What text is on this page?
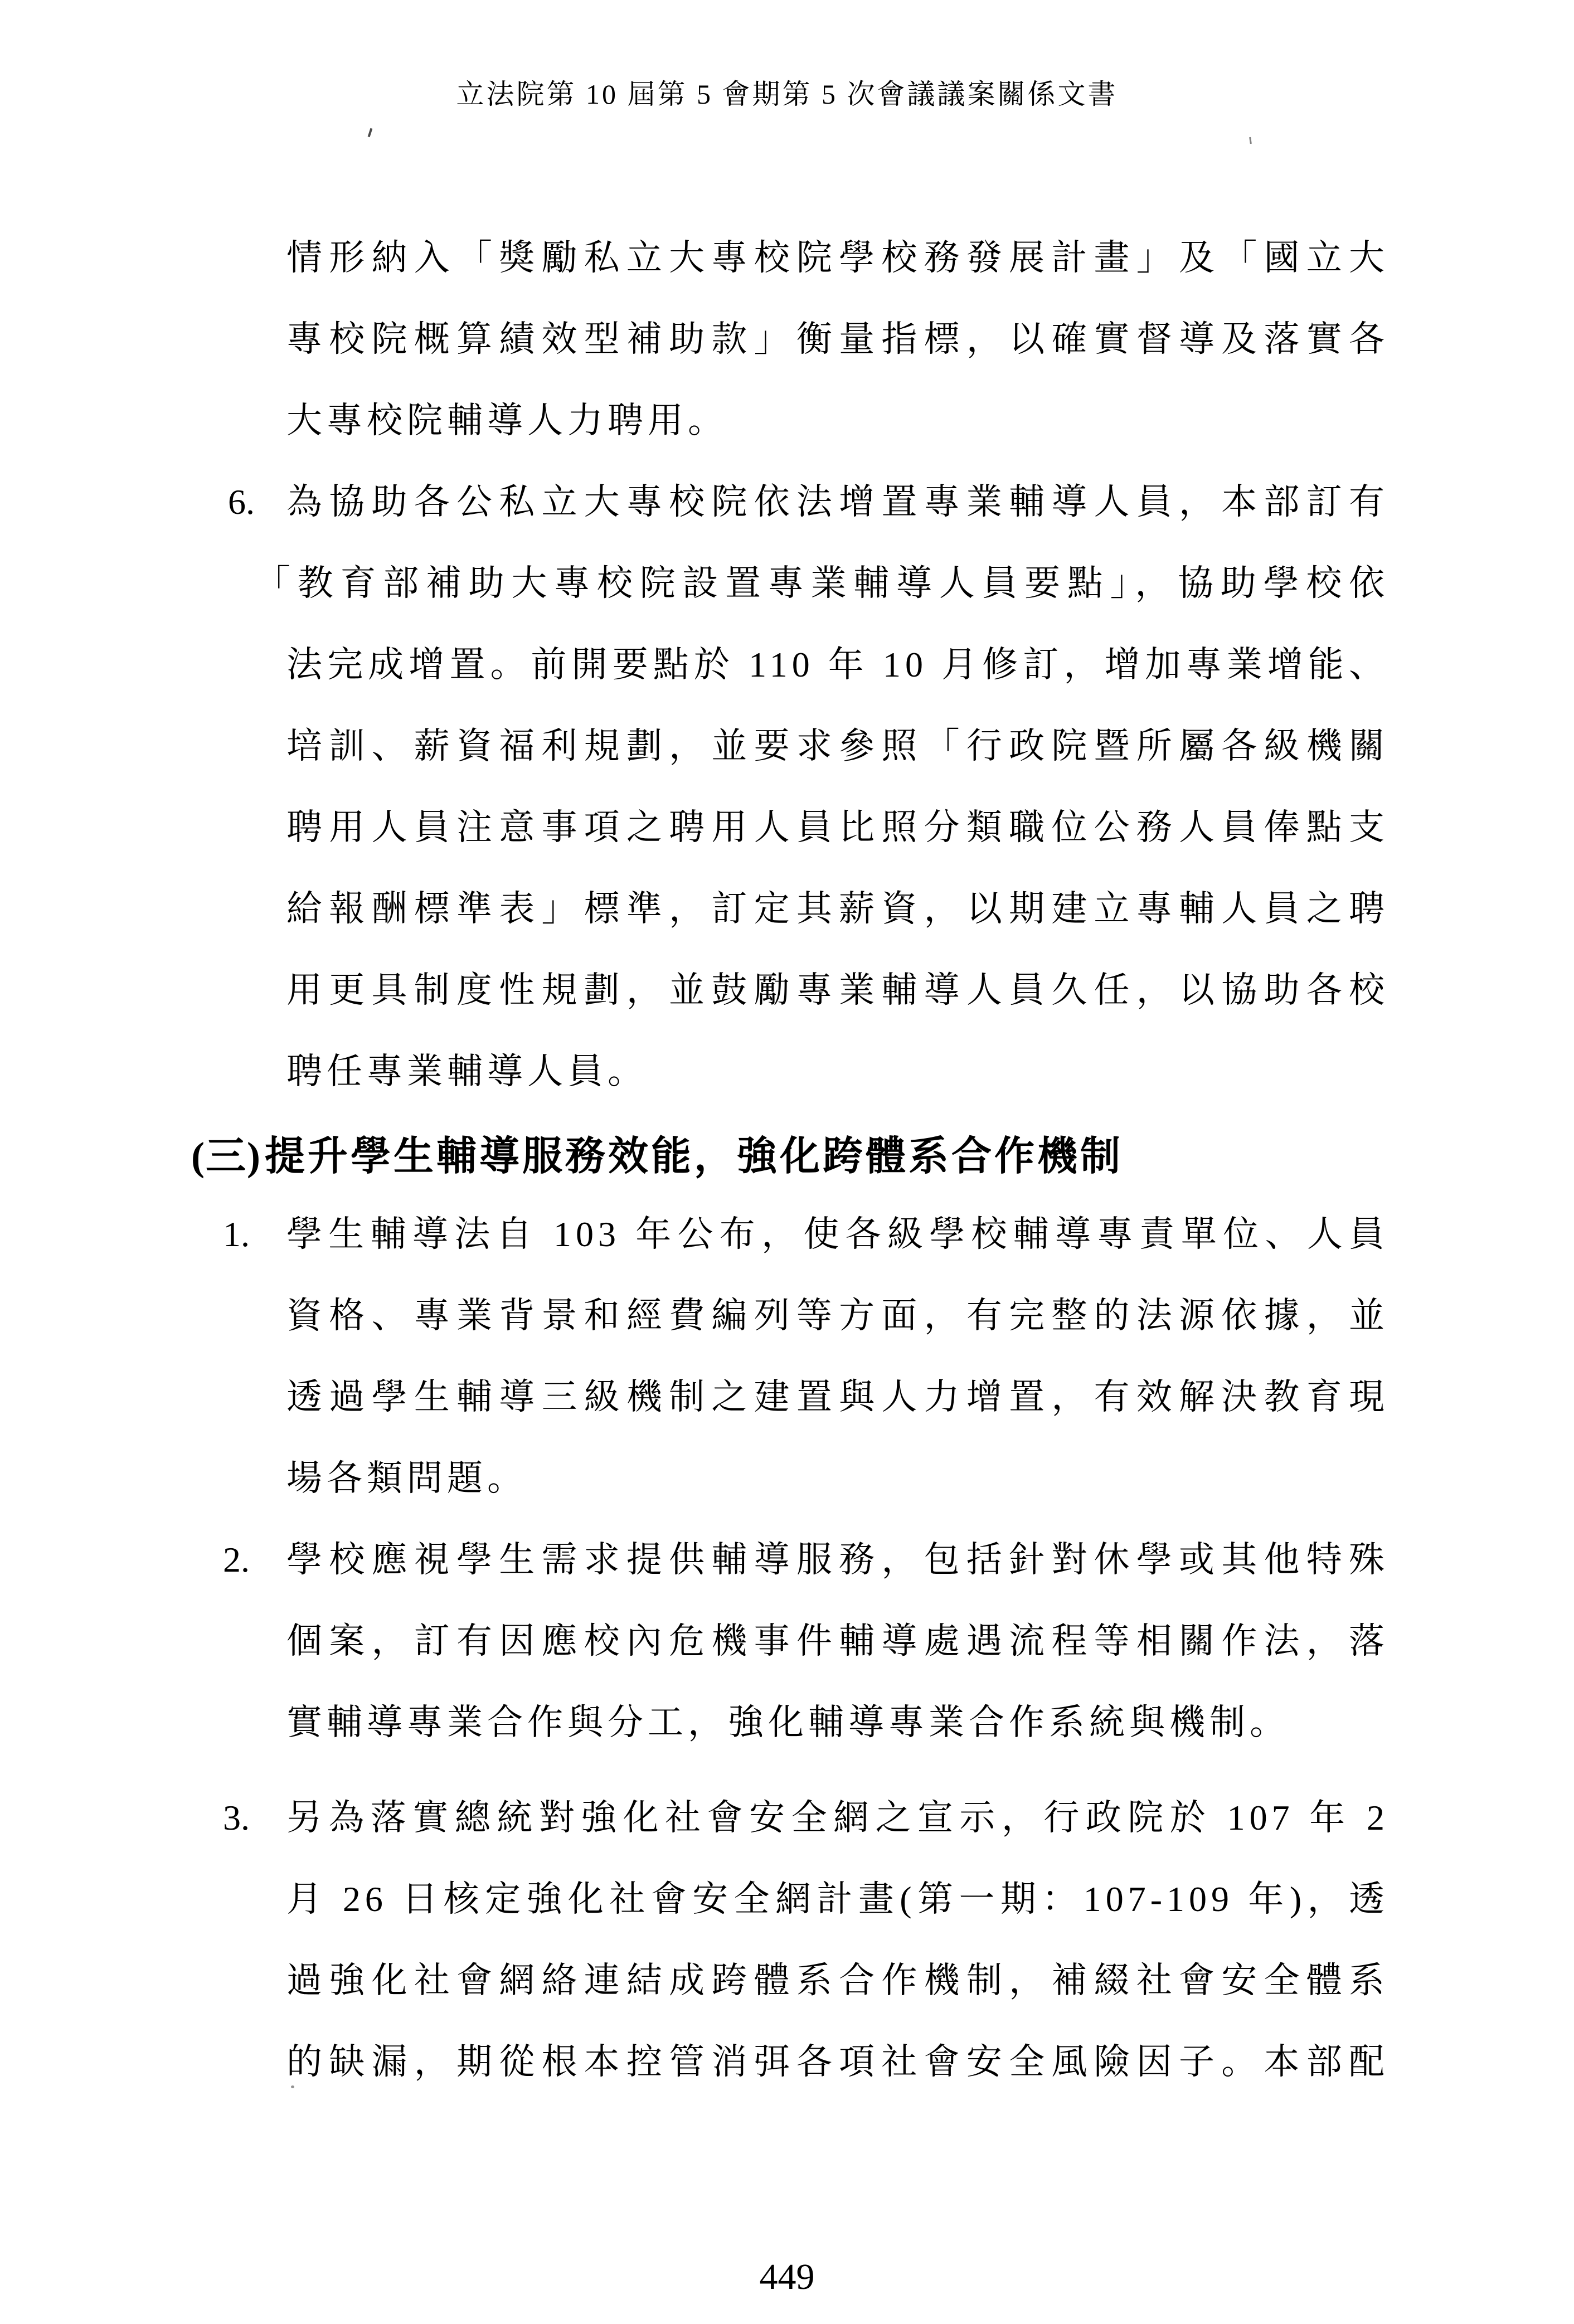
立法院第 10 屆第 5 會期第 5 次會議議案關係文書
情形納入「獎勵私立大專校院學校務發展計畫」及「國立大
專校院概算績效型補助款」衡量指標，以確實督導及落實各
大專校院輔導人力聘用。
6. 為協助各公私立大專校院依法增置專業輔導人員，本部訂有
「教育部補助大專校院設置專業輔導人員要點」，協助學校依
法完成增置。前開要點於 110 年 10 月修訂，增加專業增能、
培訓、薪資福利規劃，並要求參照「行政院暨所屬各級機關
聘用人員注意事項之聘用人員比照分類職位公務人員俸點支
給報酬標準表」標準，訂定其薪資，以期建立專輔人員之聘
用更具制度性規劃，並鼓勵專業輔導人員久任，以協助各校
聘任專業輔導人員。
(三)提升學生輔導服務效能，強化跨體系合作機制
1. 學生輔導法自 103 年公布，使各級學校輔導專責單位、人員
資格、專業背景和經費編列等方面，有完整的法源依據，並
透過學生輔導三級機制之建置與人力增置，有效解決教育現
場各類問題。
2. 學校應視學生需求提供輔導服務，包括針對休學或其他特殊
個案，訂有因應校內危機事件輔導處遇流程等相關作法，落
實輔導專業合作與分工，強化輔導專業合作系統與機制。
3. 另為落實總統對強化社會安全網之宣示，行政院於 107 年 2
月 26 日核定強化社會安全網計畫(第一期：107-109 年)，透
過強化社會網絡連結成跨體系合作機制，補綴社會安全體系
的缺漏，期從根本控管消弭各項社會安全風險因子。本部配
449
